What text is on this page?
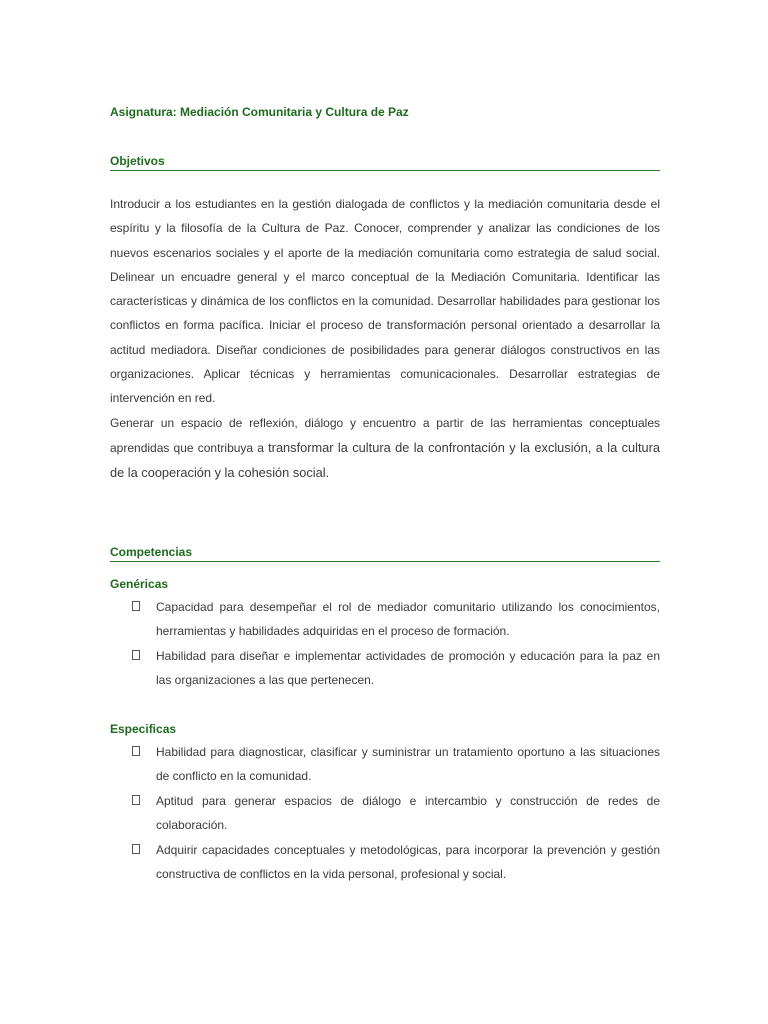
Asignatura: Mediación Comunitaria y Cultura de Paz

Objetivos

Introducir a los estudiantes en la gestión dialogada de conflictos y la mediación comunitaria desde el espíritu y la filosofía de la Cultura de Paz. Conocer, comprender y analizar las condiciones de los nuevos escenarios sociales y el aporte de la mediación comunitaria como estrategia de salud social. Delinear un encuadre general y el marco conceptual de la Mediación Comunitaria. Identificar las características y dinámica de los conflictos en la comunidad. Desarrollar habilidades para gestionar los conflictos en forma pacífica. Iniciar el proceso de transformación personal orientado a desarrollar la actitud mediadora. Diseñar condiciones de posibilidades para generar diálogos constructivos en las organizaciones. Aplicar técnicas y herramientas comunicacionales. Desarrollar estrategias de intervención en red.
Generar un espacio de reflexión, diálogo y encuentro a partir de las herramientas conceptuales aprendidas que contribuya a transformar la cultura de la confrontación y la exclusión, a la cultura de la cooperación y la cohesión social.

Competencias

Genéricas

Capacidad para desempeñar el rol de mediador comunitario utilizando los conocimientos, herramientas y habilidades adquiridas en el proceso de formación.
Habilidad para diseñar e implementar actividades de promoción y educación para la paz en las organizaciones a las que pertenecen.

Especificas

Habilidad para diagnosticar, clasificar y suministrar un tratamiento oportuno a las situaciones de conflicto en la comunidad.
Aptitud para generar espacios de diálogo e intercambio y construcción de redes de colaboración.
Adquirir capacidades conceptuales y metodológicas, para incorporar la prevención y gestión constructiva de conflictos en la vida personal, profesional y social.
